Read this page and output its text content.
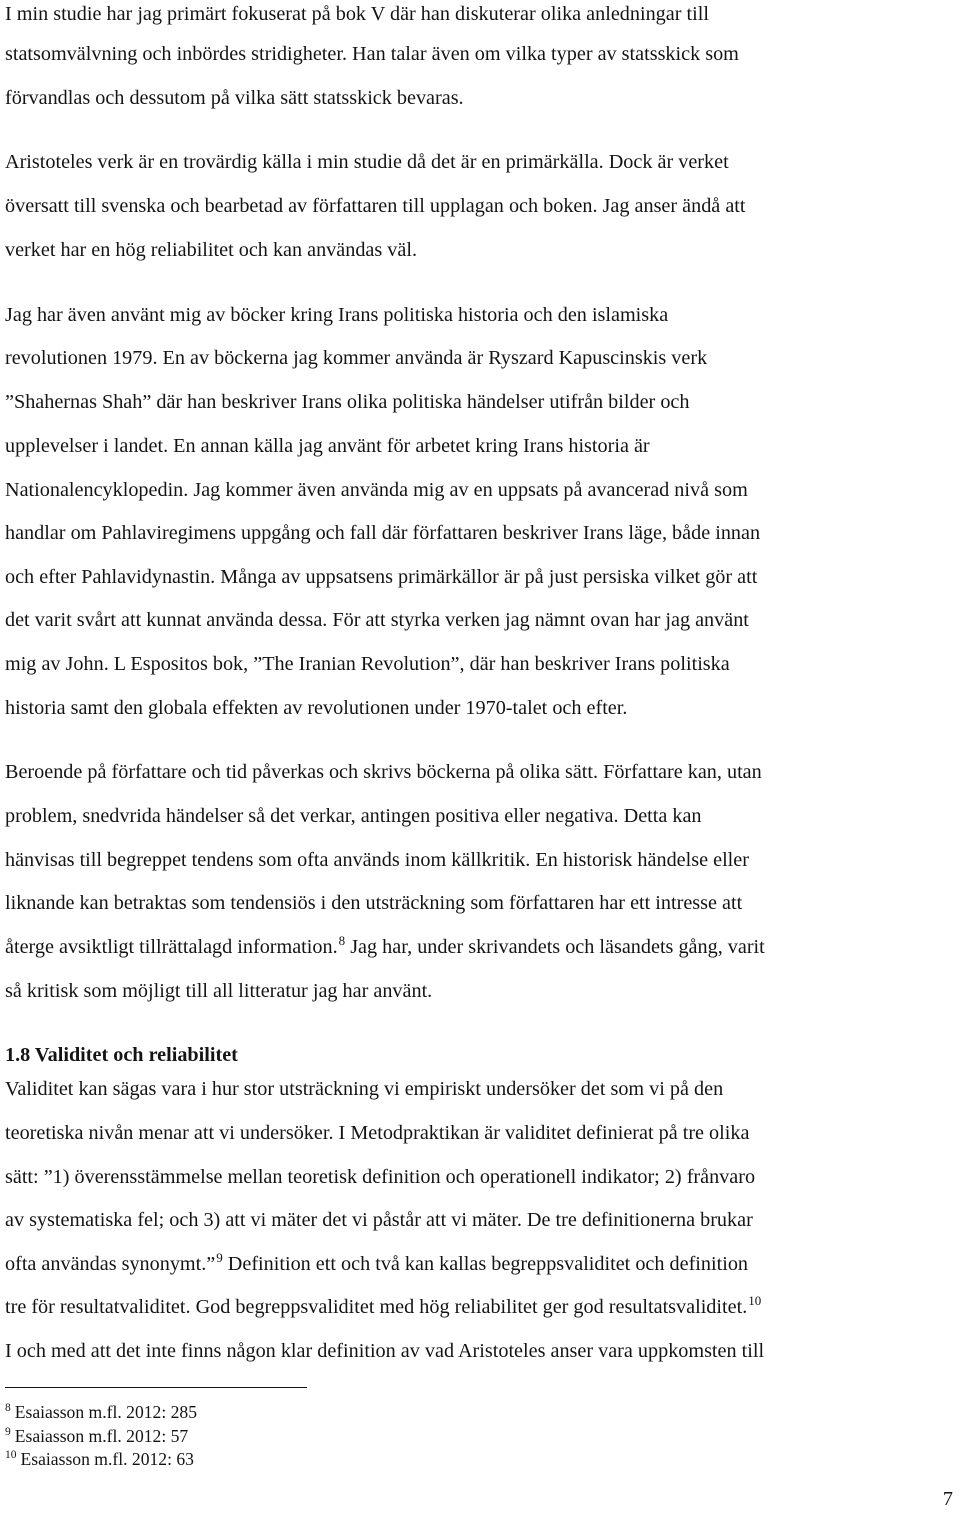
I min studie har jag primärt fokuserat på bok V där han diskuterar olika anledningar till
statsomvälvning och inbördes stridigheter. Han talar även om vilka typer av statsskick som
förvandlas och dessutom på vilka sätt statsskick bevaras.
Aristoteles verk är en trovärdig källa i min studie då det är en primärkälla. Dock är verket
översatt till svenska och bearbetad av författaren till upplagan och boken. Jag anser ändå att
verket har en hög reliabilitet och kan användas väl.
Jag har även använt mig av böcker kring Irans politiska historia och den islamiska
revolutionen 1979. En av böckerna jag kommer använda är Ryszard Kapuscinskis verk
”Shahernas Shah” där han beskriver Irans olika politiska händelser utifrån bilder och
upplevelser i landet. En annan källa jag använt för arbetet kring Irans historia är
Nationalencyklopedin. Jag kommer även använda mig av en uppsats på avancerad nivå som
handlar om Pahlaviregimens uppgång och fall där författaren beskriver Irans läge, både innan
och efter Pahlavidynastin. Många av uppsatsens primärkällor är på just persiska vilket gör att
det varit svårt att kunnat använda dessa. För att styrka verken jag nämnt ovan har jag använt
mig av John. L Espositos bok, ”The Iranian Revolution”, där han beskriver Irans politiska
historia samt den globala effekten av revolutionen under 1970-talet och efter.
Beroende på författare och tid påverkas och skrivs böckerna på olika sätt. Författare kan, utan
problem, snedvrida händelser så det verkar, antingen positiva eller negativa. Detta kan
hänvisas till begreppet tendens som ofta används inom källkritik. En historisk händelse eller
liknande kan betraktas som tendensiös i den utsträckning som författaren har ett intresse att
återge avsiktligt tillrättalagd information.$^8$ Jag har, under skrivandets och läsandets gång, varit
så kritisk som möjligt till all litteratur jag har använt.
1.8 Validitet och reliabilitet
Validitet kan sägas vara i hur stor utsträckning vi empiriskt undersöker det som vi på den
teoretiska nivån menar att vi undersöker. I Metodpraktikan är validitet definierat på tre olika
sätt: ”1) överensstämmelse mellan teoretisk definition och operationell indikator; 2) frånvaro
av systematiska fel; och 3) att vi mäter det vi påstår att vi mäter. De tre definitionerna brukar
ofta användas synonymt.”$^9$ Definition ett och två kan kallas begreppsvaliditet och definition
tre för resultatvaliditet. God begreppsvaliditet med hög reliabilitet ger god resultatsvaliditet.$^{10}$
I och med att det inte finns någon klar definition av vad Aristoteles anser vara uppkomsten till
$^8$ Esaiasson m.fl. 2012: 285
$^9$ Esaiasson m.fl. 2012: 57
$^{10}$ Esaiasson m.fl. 2012: 63
7
